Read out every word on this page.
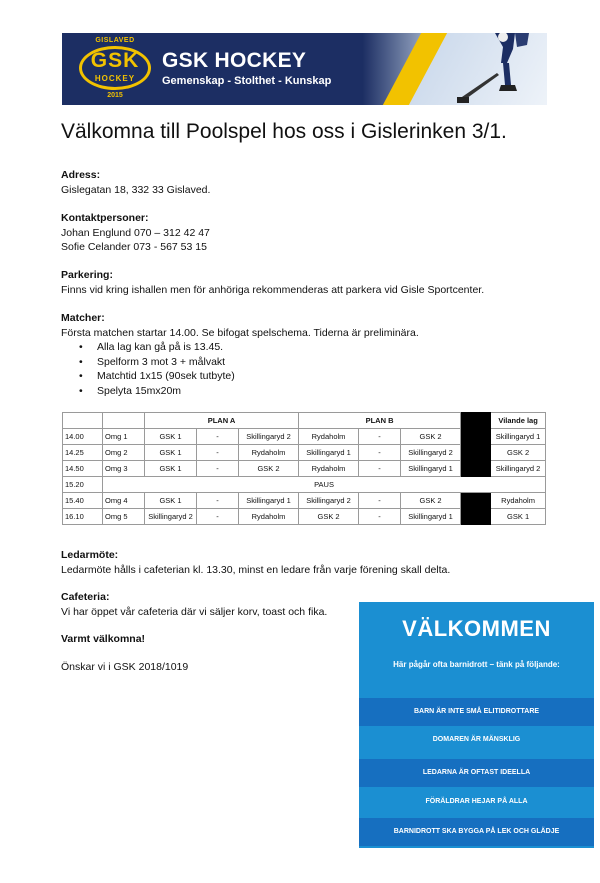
GISLAVED
GSK
HOCKEY
2015
GSK HOCKEY
Gemenskap - Stolthet - Kunskap
Välkomna till Poolspel hos oss i Gislerinken 3/1.
Adress:
Gislegatan 18, 332 33 Gislaved.
Kontaktpersoner:
Johan Englund 070 – 312 42 47
Sofie Celander 073 - 567 53 15
Parkering:
Finns vid kring ishallen men för anhöriga rekommenderas att parkera vid Gisle Sportcenter.
Matcher:
Första matchen startar 14.00. Se bifogat spelschema. Tiderna är preliminära.
• Alla lag kan gå på is 13.45.
• Spelform 3 mot 3 + målvakt
• Matchtid 1x15 (90sek tutbyte)
• Spelyta 15mx20m
		PLAN A			PLAN B				Vilande lag
14.00	Omg 1	GSK 1	-	Skillingaryd 2	Rydaholm	-	GSK 2		Skillingaryd 1
14.25	Omg 2	GSK 1	-	Rydaholm	Skillingaryd 1	-	Skillingaryd 2		GSK 2
14.50	Omg 3	GSK 1	-	GSK 2	Rydaholm	-	Skillingaryd 1		Skillingaryd 2
15.20	PAUS								
15.40	Omg 4	GSK 1	-	Skillingaryd 1	Skillingaryd 2	-	GSK 2		Rydaholm
16.10	Omg 5	Skillingaryd 2	-	Rydaholm	GSK 2	-	Skillingaryd 1		GSK 1
Ledarmöte:
Ledarmöte hålls i cafeterian kl. 13.30, minst en ledare från varje förening skall delta.
Cafeteria:
Vi har öppet vår cafeteria där vi säljer korv, toast och fika.
Varmt välkomna!
Önskar vi i GSK 2018/1019
VÄLKOMMEN
Här pågår ofta barnidrott – tänk på följande:
BARN ÄR INTE SMÅ ELITIDROTTARE
DOMAREN ÄR MÄNSKLIG
LEDARNA ÄR OFTAST IDEELLA
FÖRÄLDRAR HEJAR PÅ ALLA
BARNIDROTT SKA BYGGA PÅ LEK OCH GLÄDJE
